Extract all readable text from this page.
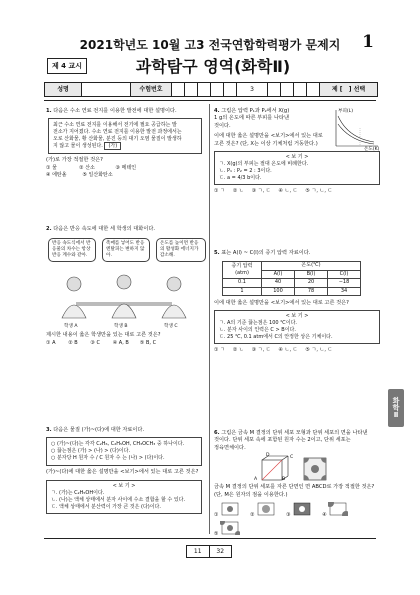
2021학년도 10월 고3 전국연합학력평가 문제지	1
제 4 교시	과학탐구 영역(화학Ⅱ)
성명	수험번호	3	제 [ ] 선택
1. 다음은 수소 연료 전지를 이용한 발전에 대한 설명이다.
최근 수소 연료 전지를 이용해서 전기에 필요 공급하는 발
전소가 지어졌다. 수소 연료 전지를 이용한 발전 과정에서는
오로 산화물, 황 산화물, 분진 등의 대기 오염 물질이 발생하
지 않고 물이 생성된다. (가)
(가)로 가장 적절한 것은?
① 물              ② 산소             ③ 메테인
④ 에탄올          ⑤ 일산화탄소
2. 다음은 반응 속도에 대한 세 학생의 대화이다.
반응 속도식에서 반응물의 차수는 항상 반응 계수와 같아.
촉매를 넣어도 반응 엔탈피는 변하지 않아.
온도를 높이면 반응의 활성화 에너지가 감소해.
학생 A	학생 B	학생 C
제시한 내용이 옳은 학생만을 있는 대로 고른 것은?
① A        ② B        ③ C        ④ A, B       ⑤ B, C
3. 다음은 물질 (가)~(다)에 대한 자료이다.
○ (가)~(다)는 각각 C₂H₆, C₂H₅OH, CH₃OCH₃ 중 하나이다.
○ 끓는점은 (가) > (나) > (다)이다.
○ 분자당 H 원자 수 / C 원자 수 는 (나) > (다)이다.
(가)~(다)에 대한 옳은 설명만을 <보기>에서 있는 대로 고른 것은?
< 보 기 >
ㄱ. (가)는 C₂H₅OH이다.
ㄴ. (나)는 액체 상태에서 분자 사이에 수소 결합을 할 수 있다.
ㄷ. 액체 상태에서 분산력이 가장 큰 것은 (다)이다.
4. 그림은 압력 P₁과 P₂에서 X(g)
1 g의 온도에 따른 부피를 나타낸
것이다.
부피(L)
온도(K)
이에 대한 옳은 설명만을 <보기>에서 있는 대로 고른 것은? (단, X는 이상 기체처럼 거동한다.)
< 보 기 >
ㄱ. X(g)의 부피는 절대 온도에 비례한다.
ㄴ. P₁ : P₂ = 2 : 3이다.
ㄷ. a = 4/3 b이다.
① ㄱ     ② ㄴ     ③ ㄱ, ㄷ     ④ ㄴ, ㄷ     ⑤ ㄱ, ㄴ, ㄷ
5. 표는 A(l) ~ C(l)의 증기 압력 자료이다.
증기 압력 (atm)	온도(℃)		
	A(l)	B(l)	C(l)
0.1	40	20	−18
1	100	78	34
이에 대한 옳은 설명만을 <보기>에서 있는 대로 고른 것은?
< 보 기 >
ㄱ. A의 기준 끓는점은 100 ℃이다.
ㄴ. 분자 사이의 인력은 C > B이다.
ㄷ. 25 ℃, 0.1 atm에서 C의 안정한 상은 기체이다.
① ㄱ     ② ㄴ     ③ ㄱ, ㄷ     ④ ㄴ, ㄷ     ⑤ ㄱ, ㄴ, ㄷ
6. 그림은 금속 M 결정의 단위 세포 모형과 단위 세포의 면을 나타낸
것이다. 단위 세포 속에 포함된 원자 수는 2이고, 단위 세포는
정육면체이다.
D
A	B
C
금속 M 결정의 단위 세포를 자른 단면인 면 ABCD로 가장 적절한 것은? (단, M은 원자의 점을 이용한다.)
①	②	③	④
⑤
화학Ⅱ
11	32
